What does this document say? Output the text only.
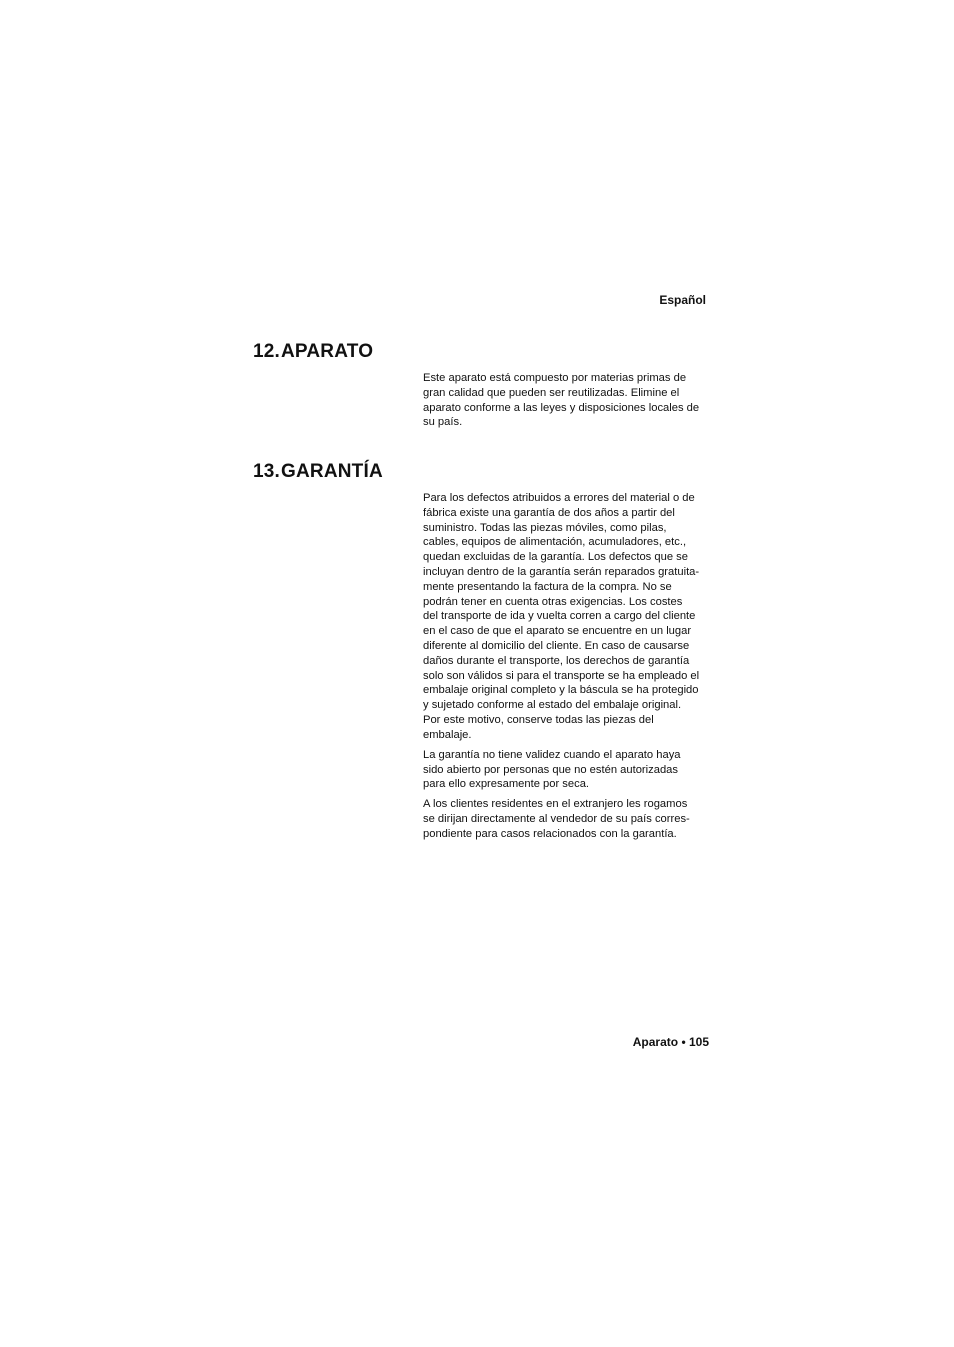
Español
12.APARATO

Este aparato está compuesto por materias primas de
gran calidad que pueden ser reutilizadas. Elimine el
aparato conforme a las leyes y disposiciones locales de
su país.

13.GARANTÍA

Para los defectos atribuidos a errores del material o de
fábrica existe una garantía de dos años a partir del
suministro. Todas las piezas móviles, como pilas,
cables, equipos de alimentación, acumuladores, etc.,
quedan excluidas de la garantía. Los defectos que se
incluyan dentro de la garantía serán reparados gratuita-
mente presentando la factura de la compra. No se
podrán tener en cuenta otras exigencias. Los costes
del transporte de ida y vuelta corren a cargo del cliente
en el caso de que el aparato se encuentre en un lugar
diferente al domicilio del cliente. En caso de causarse
daños durante el transporte, los derechos de garantía
solo son válidos si para el transporte se ha empleado el
embalaje original completo y la báscula se ha protegido
y sujetado conforme al estado del embalaje original.
Por este motivo, conserve todas las piezas del
embalaje.

La garantía no tiene validez cuando el aparato haya
sido abierto por personas que no estén autorizadas
para ello expresamente por seca.

A los clientes residentes en el extranjero les rogamos
se dirijan directamente al vendedor de su país corres-
pondiente para casos relacionados con la garantía.

Aparato • 105
